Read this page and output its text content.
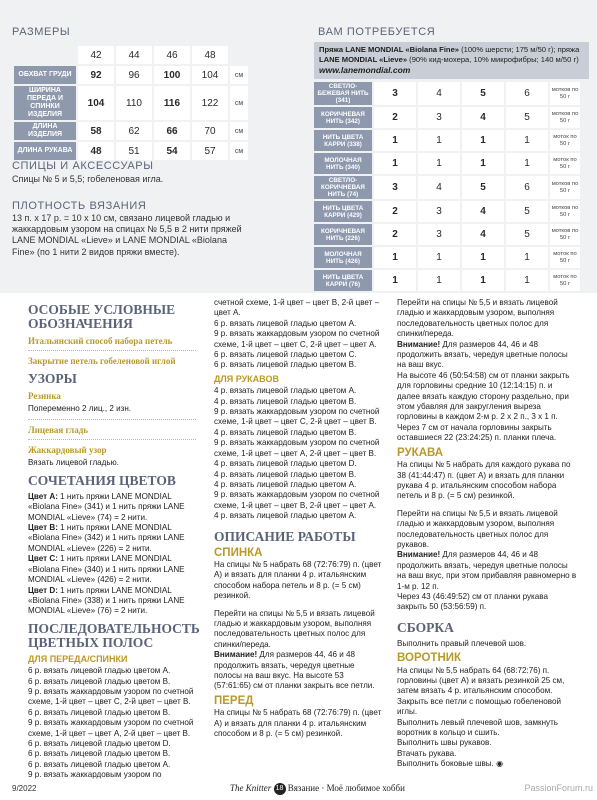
РАЗМЕРЫ
	42	44	46	48	
ОБХВАТ ГРУДИ	92	96	100	104	см
ШИРИНА ПЕРЕДА И СПИНКИ ИЗДЕЛИЯ	104	110	116	122	см
ДЛИНА ИЗДЕЛИЯ	58	62	66	70	см
ДЛИНА РУКАВА	48	51	54	57	см
СПИЦЫ И АКСЕССУАРЫ
Спицы № 5 и 5,5; гобеленовая игла.
ПЛОТНОСТЬ ВЯЗАНИЯ
13 п. х 17 р. = 10 х 10 см, связано лицевой гладью и жаккардовым узором на спицах № 5,5 в 2 нити пряжей LANE MONDIAL «Lieve» и LANE MONDIAL «Biolana Fine» (по 1 нити 2 видов пряжи вместе).
ВАМ ПОТРЕБУЕТСЯ
Пряжа LANE MONDIAL «Biolana Fine» (100% шерсти; 175 м/50 г); пряжа
LANE MONDIAL «Lieve» (90% кид-мохера, 10% микрофибры; 140 м/50 г)
www.lanemondial.com
СВЕТЛО-БЕЖЕВАЯ НИТЬ (341)	3	4	5	6	мотков по 50 г
КОРИЧНЕВАЯ НИТЬ (342)	2	3	4	5	мотков по 50 г
НИТЬ ЦВЕТА КАРРИ (338)	1	1	1	1	моток по 50 г
МОЛОЧНАЯ НИТЬ (340)	1	1	1	1	моток по 50 г
СВЕТЛО-КОРИЧНЕВАЯ НИТЬ (74)	3	4	5	6	мотков по 50 г
НИТЬ ЦВЕТА КАРРИ (429)	2	3	4	5	мотков по 50 г
КОРИЧНЕВАЯ НИТЬ (226)	2	3	4	5	мотков по 50 г
МОЛОЧНАЯ НИТЬ (426)	1	1	1	1	моток по 50 г
НИТЬ ЦВЕТА КАРРИ (76)	1	1	1	1	моток по 50 г
ОСОБЫЕ УСЛОВНЫЕ ОБОЗНАЧЕНИЯ
Итальянский способ набора петель
Закрытие петель гобеленовой иглой
УЗОРЫ
Резинка

Попеременно 2 лиц., 2 изн.

Лицевая гладь
Жаккардовый узор

Вязать лицевой гладью.

СОЧЕТАНИЯ ЦВЕТОВ

Цвет А: 1 нить пряжи LANE MONDIAL «Biolana Fine» (341) и 1 нить пряжи LANE MONDIAL «Lieve» (74) = 2 нити.

Цвет В: 1 нить пряжи LANE MONDIAL «Biolana Fine» (342) и 1 нить пряжи LANE MONDIAL «Lieve» (226) = 2 нити.

Цвет С: 1 нить пряжи LANE MONDIAL «Biolana Fine» (340) и 1 нить пряжи LANE MONDIAL «Lieve» (426) = 2 нити.

Цвет D: 1 нить пряжи LANE MONDIAL «Biolana Fine» (338) и 1 нить пряжи LANE MONDIAL «Lieve» (76) = 2 нити.

ПОСЛЕДОВАТЕЛЬНОСТЬ ЦВЕТНЫХ ПОЛОС
ДЛЯ ПЕРЕДА/СПИНКИ

6 р. вязать лицевой гладью цветом А.

6 р. вязать лицевой гладью цветом В.

9 р. вязать жаккардовым узором по счетной схеме, 1-й цвет – цвет С, 2-й цвет – цвет В.

6 р. вязать лицевой гладью цветом В.

9 р. вязать жаккардовым узором по счетной схеме, 1-й цвет – цвет А, 2-й цвет – цвет В.

6 р. вязать лицевой гладью цветом D.

6 р. вязать лицевой гладью цветом В.

6 р. вязать лицевой гладью цветом А.

9 р. вязать жаккардовым узором по

счетной схеме, 1-й цвет – цвет В, 2-й цвет – цвет А.

6 р. вязать лицевой гладью цветом А.

9 р. вязать жаккардовым узором по счетной схеме, 1-й цвет – цвет С, 2-й цвет – цвет А.

6 р. вязать лицевой гладью цветом С.

6 р. вязать лицевой гладью цветом В.

ДЛЯ РУКАВОВ

4 р. вязать лицевой гладью цветом А.

4 р. вязать лицевой гладью цветом В.

9 р. вязать жаккардовым узором по счетной схеме, 1-й цвет – цвет С, 2-й цвет – цвет В.

4 р. вязать лицевой гладью цветом В.

9 р. вязать жаккардовым узором по счетной схеме, 1-й цвет – цвет А, 2-й цвет – цвет В.

4 р. вязать лицевой гладью цветом D.

4 р. вязать лицевой гладью цветом В.

4 р. вязать лицевой гладью цветом А.

9 р. вязать жаккардовым узором по счетной схеме, 1-й цвет – цвет В, 2-й цвет – цвет А.

4 р. вязать лицевой гладью цветом А.

ОПИСАНИЕ РАБОТЫ
СПИНКА

На спицы № 5 набрать 68 (72:76:79) п. (цвет А) и вязать для планки 4 р. итальянским способом набора петель и 8 р. (= 5 см) резинкой.

Перейти на спицы № 5,5 и вязать лицевой гладью и жаккардовым узором, выполняя последовательность цветных полос для спинки/переда.

Внимание! Для размеров 44, 46 и 48 продолжить вязать, чередуя цветные полосы на ваш вкус. На высоте 53 (57:61:65) см от планки закрыть все петли.

ПЕРЕД

На спицы № 5 набрать 68 (72:76:79) п. (цвет А) и вязать для планки 4 р. итальянским способом и 8 р. (= 5 см) резинкой.

Перейти на спицы № 5,5 и вязать лицевой гладью и жаккардовым узором, выполняя последовательность цветных полос для спинки/переда.

Внимание! Для размеров 44, 46 и 48 продолжить вязать, чередуя цветные полосы на ваш вкус.

На высоте 46 (50:54:58) см от планки закрыть для горловины средние 10 (12:14:15) п. и далее вязать каждую сторону раздельно, при этом убавляя для закругления выреза горловины в каждом 2-м р. 2 х 2 п., 3 х 1 п. Через 7 см от начала горловины закрыть оставшиеся 22 (23:24:25) п. планки плеча.

РУКАВА

На спицы № 5 набрать для каждого рукава по 38 (41:44:47) п. (цвет А) и вязать для планки рукава 4 р. итальянским способом набора петель и 8 р. (= 5 см) резинкой.

Перейти на спицы № 5,5 и вязать лицевой гладью и жаккардовым узором, выполняя последовательность цветных полос для рукавов.

Внимание! Для размеров 44, 46 и 48 продолжить вязать, чередуя цветные полосы на ваш вкус, при этом прибавляя равномерно в 1-м р. 12 п.

Через 43 (46:49:52) см от планки рукава закрыть 50 (53:56:59) п.

СБОРКА

Выполнить правый плечевой шов.

ВОРОТНИК

На спицы № 5,5 набрать 64 (68:72:76) п. горловины (цвет А) и вязать резинкой 25 см, затем вязать 4 р. итальянским способом.

Закрыть все петли с помощью гобеленовой иглы.

Выполнить левый плечевой шов, замкнуть воротник в кольцо и сшить.

Выполнить швы рукавов.

Втачать рукава.

Выполнить боковые швы. ◉

9/2022	The Knitter 18 Вязание · Моё любимое хобби	PassionForum.ru
